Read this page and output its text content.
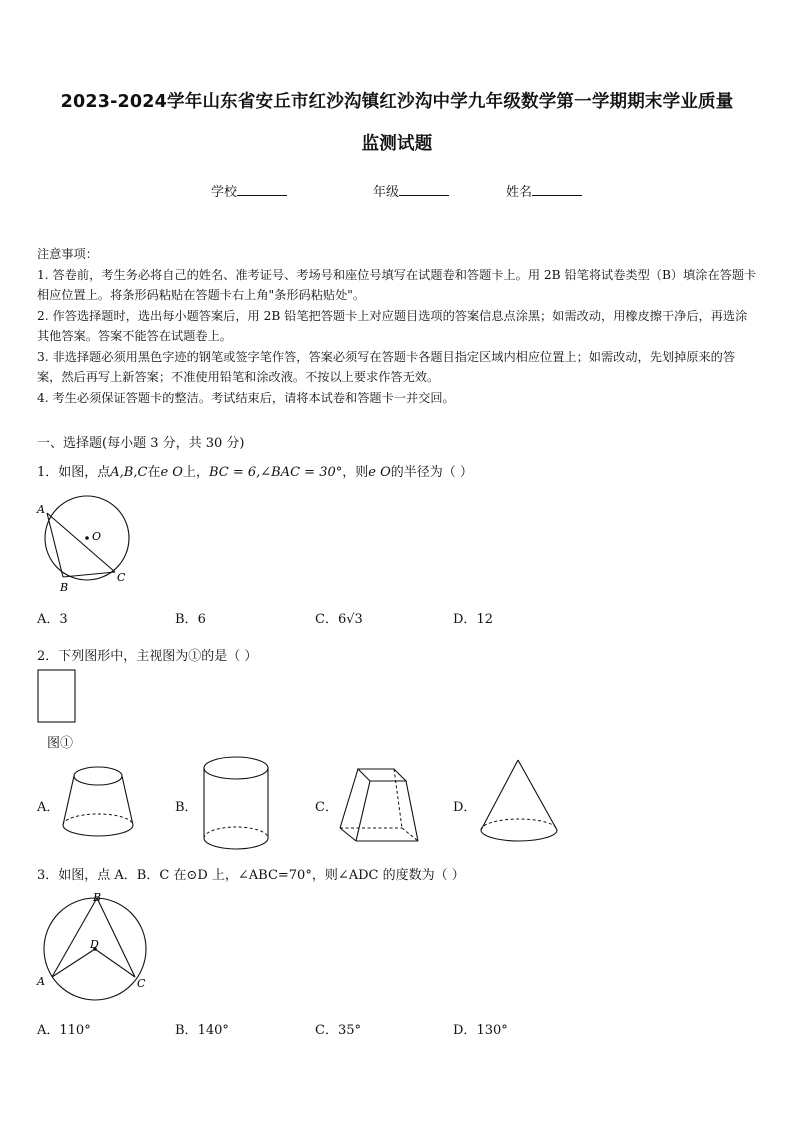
2023-2024学年山东省安丘市红沙沟镇红沙沟中学九年级数学第一学期期末学业质量
监测试题
学校	年级	姓名

注意事项：

1. 答卷前，考生务必将自己的姓名、准考证号、考场号和座位号填写在试题卷和答题卡上。用 2B 铅笔将试卷类型（B）填涂在答题卡相应位置上。将条形码粘贴在答题卡右上角"条形码粘贴处"。

2. 作答选择题时，选出每小题答案后，用 2B 铅笔把答题卡上对应题目选项的答案信息点涂黑；如需改动，用橡皮擦干净后，再选涂其他答案。答案不能答在试题卷上。

3. 非选择题必须用黑色字迹的钢笔或签字笔作答，答案必须写在答题卡各题目指定区域内相应位置上；如需改动，先划掉原来的答案，然后再写上新答案；不准使用铅笔和涂改液。不按以上要求作答无效。

4. 考生必须保证答题卡的整洁。考试结束后，请将本试卷和答题卡一并交回。

一、选择题(每小题 3 分，共 30 分)
1．如图，点A,B,C在e O上，BC = 6,∠BAC = 30°，则e O的半径为（ ）
A
B
C
O
A．3	B．6	C．6√3	D．12
2．下列图形中，主视图为①的是（ ）
图①
A．	B．	C．	D．
3．如图，点 A．B．C 在⊙D 上，∠ABC=70°，则∠ADC 的度数为（ ）
A
B
C
D
A．110°	B．140°	C．35°	D．130°
